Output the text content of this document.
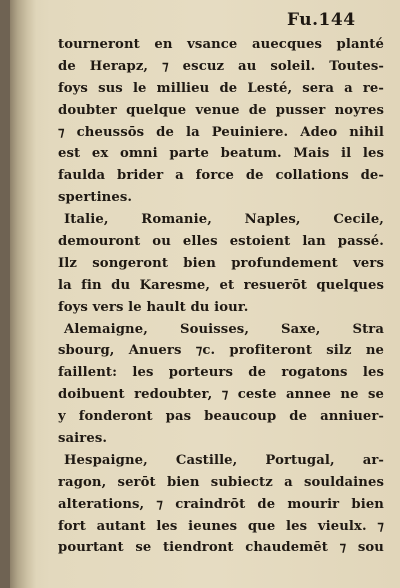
Fu.144
tourneront en vsance auecques planté
de Herapz, ⁊ escuz au soleil. Toutes-
foys sus le millieu de Lesté, sera a re-
doubter quelque venue de pusser noyres
⁊ cheussōs de la Peuiniere. Adeo nihil
est ex omni parte beatum. Mais il les
faulda brider a force de collations de-
spertines.
Italie, Romanie, Naples, Cecile,
demouront ou elles estoient lan passé.
Ilz songeront bien profundement vers
la fin du Karesme, et resuerōt quelques
foys vers le hault du iour.
Alemaigne, Souisses, Saxe, Stra
sbourg, Anuers ⁊c. profiteront silz ne
faillent: les porteurs de rogatons les
doibuent redoubter, ⁊ ceste annee ne se
y fonderont pas beaucoup de anniuer-
saires.
Hespaigne, Castille, Portugal, ar-
ragon, serōt bien subiectz a souldaines
alterations, ⁊ craindrōt de mourir bien
fort autant les ieunes que les vieulx. ⁊
pourtant se tiendront chaudemēt ⁊ sou
